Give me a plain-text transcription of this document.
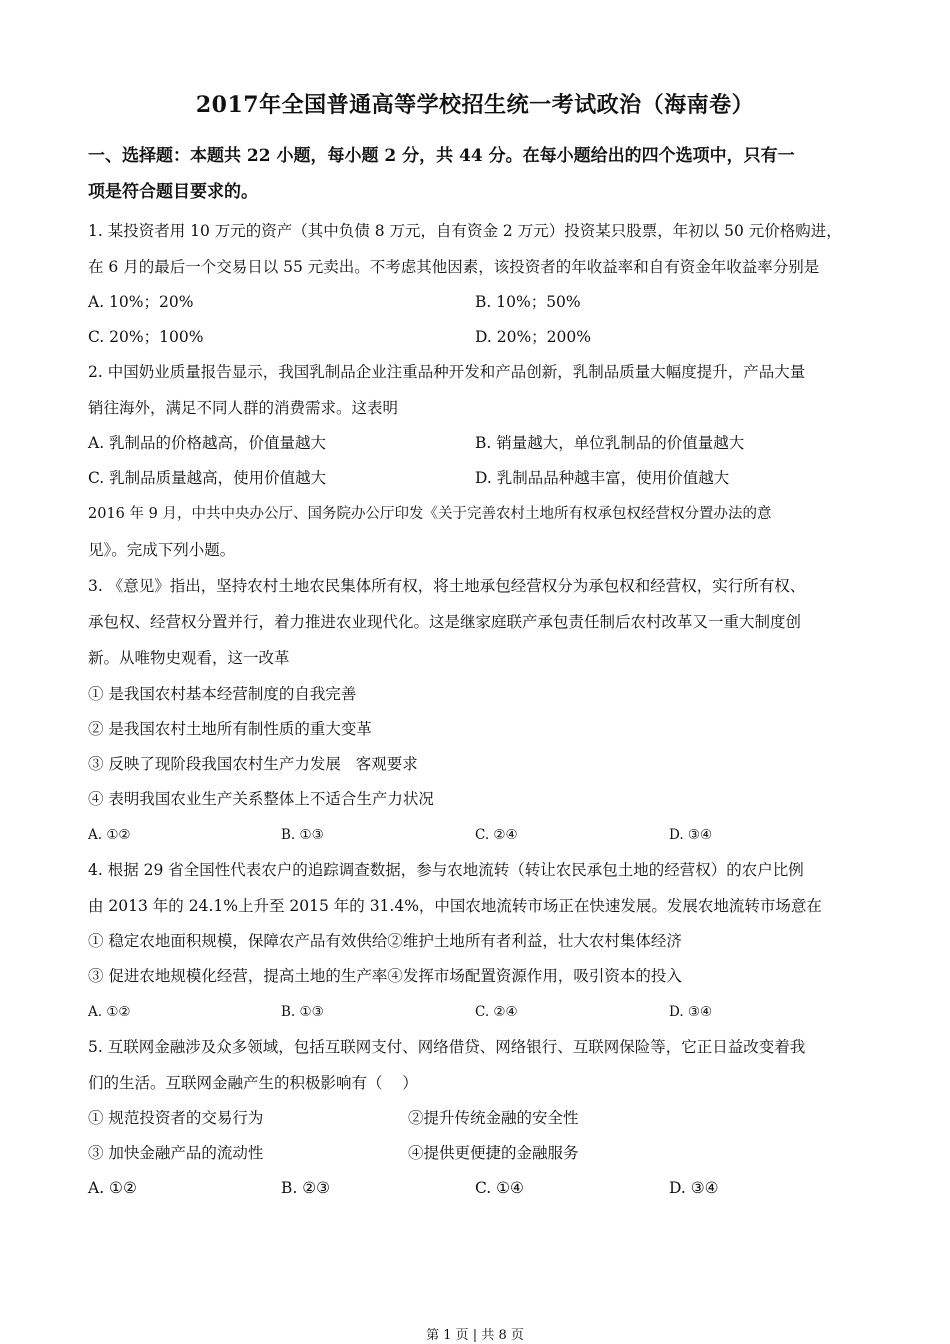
2017年全国普通高等学校招生统一考试政治（海南卷）
一、选择题：本题共 22 小题，每小题 2 分，共 44 分。在每小题给出的四个选项中，只有一
项是符合题目要求的。
1. 某投资者用 10 万元的资产（其中负债 8 万元，自有资金 2 万元）投资某只股票，年初以 50 元价格购进，
在 6 月的最后一个交易日以 55 元卖出。不考虑其他因素，该投资者的年收益率和自有资金年收益率分别是
A. 10%；20%	B. 10%；50%
C. 20%；100%	D. 20%；200%
2. 中国奶业质量报告显示，我国乳制品企业注重品种开发和产品创新，乳制品质量大幅度提升，产品大量
销往海外，满足不同人群的消费需求。这表明
A. 乳制品的价格越高，价值量越大	B. 销量越大，单位乳制品的价值量越大
C. 乳制品质量越高，使用价值越大	D. 乳制品品种越丰富，使用价值越大
2016 年 9 月，中共中央办公厅、国务院办公厅印发《关于完善农村土地所有权承包权经营权分置办法的意
见》。完成下列小题。
3. 《意见》指出，坚持农村土地农民集体所有权，将土地承包经营权分为承包权和经营权，实行所有权、
承包权、经营权分置并行，着力推进农业现代化。这是继家庭联产承包责任制后农村改革又一重大制度创
新。从唯物史观看，这一改革
① 是我国农村基本经营制度的自我完善
② 是我国农村土地所有制性质的重大变革
③ 反映了现阶段我国农村生产力发展   客观要求
④ 表明我国农业生产关系整体上不适合生产力状况
A. ①②	B. ①③	C. ②④	D. ③④
4. 根据 29 省全国性代表农户的追踪调查数据，参与农地流转（转让农民承包土地的经营权）的农户比例
由 2013 年的 24.1%上升至 2015 年的 31.4%，中国农地流转市场正在快速发展。发展农地流转市场意在
① 稳定农地面积规模，保障农产品有效供给②维护土地所有者利益，壮大农村集体经济
③ 促进农地规模化经营，提高土地的生产率④发挥市场配置资源作用，吸引资本的投入
A. ①②	B. ①③	C. ②④	D. ③④
5. 互联网金融涉及众多领域，包括互联网支付、网络借贷、网络银行、互联网保险等，它正日益改变着我
们的生活。互联网金融产生的积极影响有（    ）
① 规范投资者的交易行为	②提升传统金融的安全性
③ 加快金融产品的流动性	④提供更便捷的金融服务
A. ①②	B. ②③	C. ①④	D. ③④
第 1 页 | 共 8 页
